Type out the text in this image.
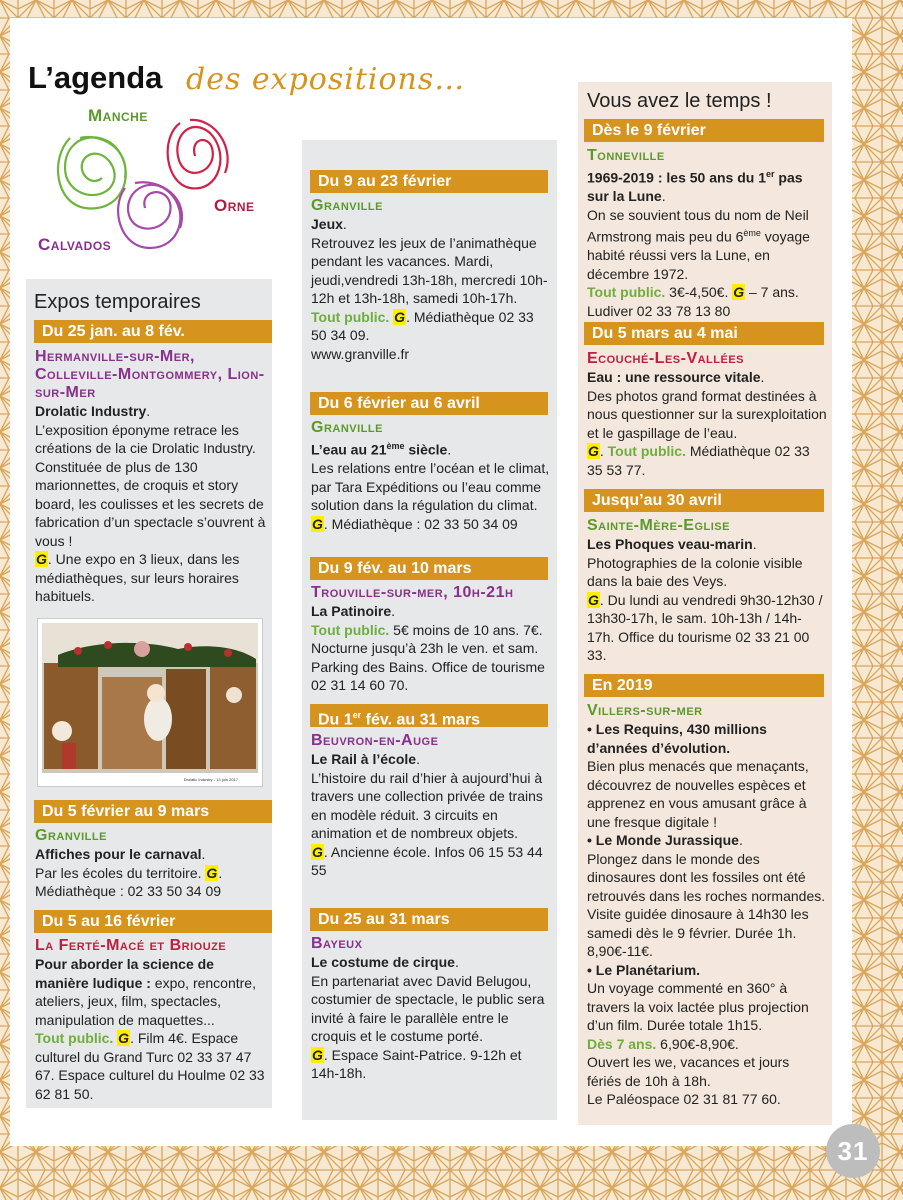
L’agenda des expositions…
Manche
Orne
Calvados
Expos temporaires
Du 25 jan. au 8 fév.
Hermanville-sur-Mer, Colleville-Montgommery, Lion-sur-Mer
Drolatic Industry.
L’exposition éponyme retrace les créations de la cie Drolatic Industry. Constituée de plus de 130 marionnettes, de croquis et story board, les coulisses et les secrets de fabrication d’un spectacle s’ouvrent à vous !
G. Une expo en 3 lieux, dans les médiathèques, sur leurs horaires habituels.
Drolatic Industry - 13 juin 2017
Du 5 février au 9 mars
Granville
Affiches pour le carnaval.
Par les écoles du territoire. G.
Médiathèque : 02 33 50 34 09
Du 5 au 16 février
La Ferté-Macé et Briouze
Pour aborder la science de manière ludique : expo, rencontre, ateliers, jeux, film, spectacles, manipulation de maquettes...
Tout public. G. Film 4€. Espace culturel du Grand Turc 02 33 37 47 67. Espace culturel du Houlme 02 33 62 81 50.
Du 9 au 23 février
Granville
Jeux.
Retrouvez les jeux de l’animathèque pendant les vacances. Mardi, jeudi,vendredi 13h-18h, mercredi 10h-12h et 13h-18h, samedi 10h-17h.
Tout public. G. Médiathèque 02 33 50 34 09.
www.granville.fr
Du 6 février au 6 avril
Granville
L’eau au 21ème siècle.
Les relations entre l’océan et le climat, par Tara Expéditions ou l’eau comme solution dans la régulation du climat.
G. Médiathèque : 02 33 50 34 09
Du 9 fév. au 10 mars
Trouville-sur-mer, 10h-21h
La Patinoire.
Tout public. 5€ moins de 10 ans. 7€. Nocturne jusqu’à 23h le ven. et sam. Parking des Bains. Office de tourisme 02 31 14 60 70.
Du 1er fév. au 31 mars
Beuvron-en-Auge
Le Rail à l’école.
L’histoire du rail d’hier à aujourd’hui à travers une collection privée de trains en modèle réduit. 3 circuits en animation et de nombreux objets.
G. Ancienne école. Infos 06 15 53 44 55
Du 25 au 31 mars
Bayeux
Le costume de cirque.
En partenariat avec David Belugou, costumier de spectacle, le public sera invité à faire le parallèle entre le croquis et le costume porté.
G. Espace Saint-Patrice. 9-12h et 14h-18h.
Vous avez le temps !
Dès le 9 février
Tonneville
1969-2019 : les 50 ans du 1er pas sur la Lune.
On se souvient tous du nom de Neil Armstrong mais peu du 6ème voyage habité réussi vers la Lune, en décembre 1972.
Tout public. 3€-4,50€. G – 7 ans. Ludiver 02 33 78 13 80
Du 5 mars au 4 mai
Ecouché-Les-Vallées
Eau : une ressource vitale.
Des photos grand format destinées à nous questionner sur la surexploitation et le gaspillage de l’eau.
G. Tout public. Médiathèque 02 33 35 53 77.
Jusqu’au 30 avril
Sainte-Mère-Eglise
Les Phoques veau-marin.
Photographies de la colonie visible dans la baie des Veys.
G. Du lundi au vendredi 9h30-12h30 / 13h30-17h, le sam. 10h-13h / 14h-17h. Office du tourisme 02 33 21 00 33.
En 2019
Villers-sur-mer
• Les Requins, 430 millions d’années d’évolution.
Bien plus menacés que menaçants, découvrez de nouvelles espèces et apprenez en vous amusant grâce à une fresque digitale !
• Le Monde Jurassique.
Plongez dans le monde des dinosaures dont les fossiles ont été retrouvés dans les roches normandes. Visite guidée dinosaure à 14h30 les samedi dès le 9 février. Durée 1h. 8,90€-11€.
• Le Planétarium.
Un voyage commenté en 360° à travers la voix lactée plus projection d’un film. Durée totale 1h15.
Dès 7 ans. 6,90€-8,90€.
Ouvert les we, vacances et jours fériés de 10h à 18h.
Le Paléospace 02 31 81 77 60.
31
